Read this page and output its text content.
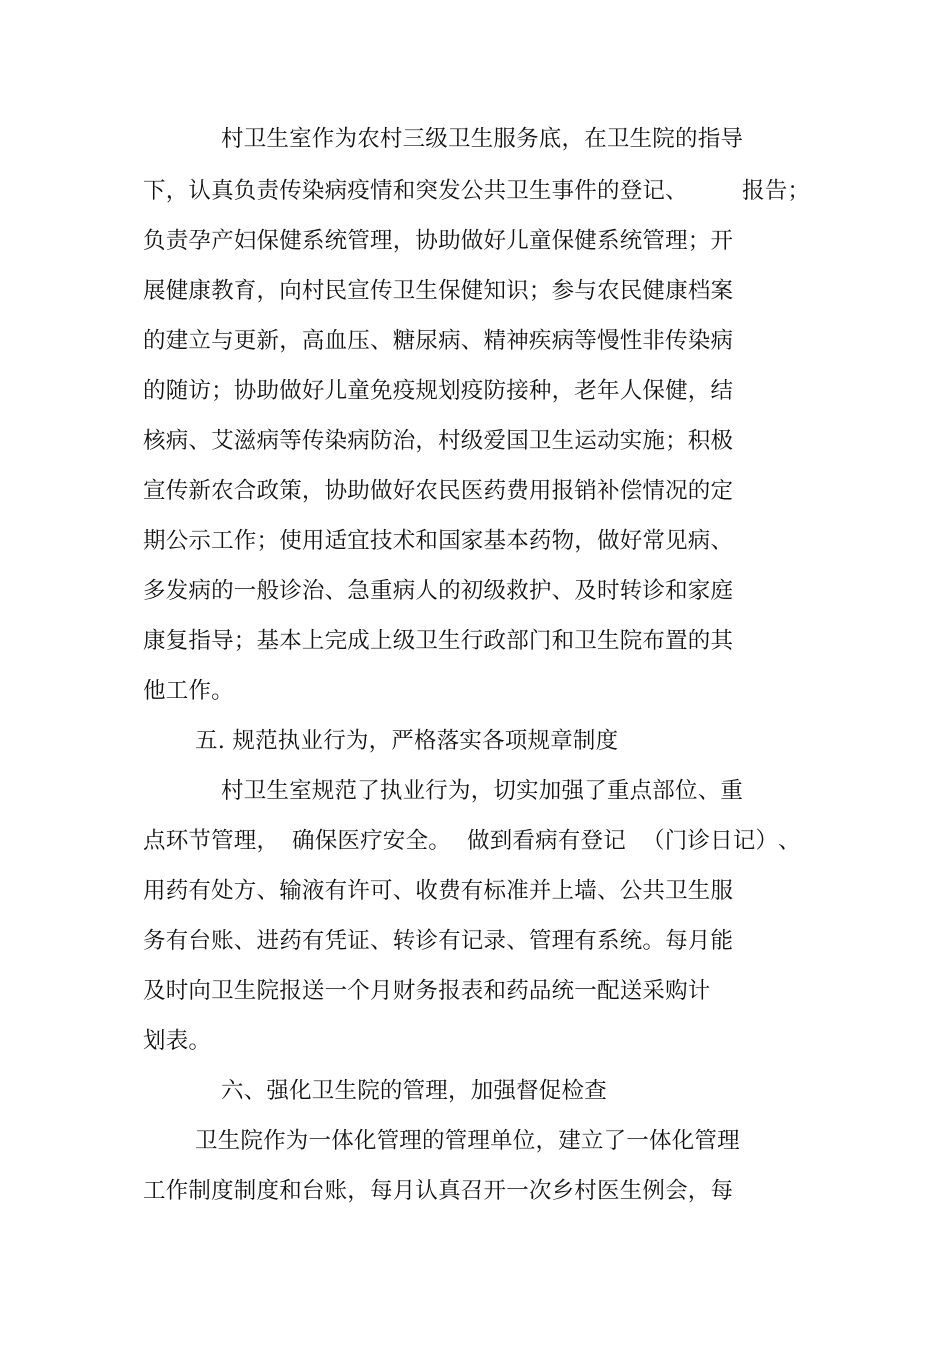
村卫生室作为农村三级卫生服务底，在卫生院的指导
下，认真负责传染病疫情和突发公共卫生事件的登记、 报告；
负责孕产妇保健系统管理，协助做好儿童保健系统管理；开
展健康教育，向村民宣传卫生保健知识；参与农民健康档案
的建立与更新，高血压、糖尿病、精神疾病等慢性非传染病
的随访；协助做好儿童免疫规划疫防接种，老年人保健，结
核病、艾滋病等传染病防治，村级爱国卫生运动实施；积极
宣传新农合政策，协助做好农民医药费用报销补偿情况的定
期公示工作；使用适宜技术和国家基本药物，做好常见病、
多发病的一般诊治、急重病人的初级救护、及时转诊和家庭
康复指导；基本上完成上级卫生行政部门和卫生院布置的其
他工作。
五. 规范执业行为，严格落实各项规章制度
村卫生室规范了执业行为，切实加强了重点部位、重
点环节管理， 确保医疗安全。 做到看病有登记 （门诊日记） 、
用药有处方、输液有许可、收费有标准并上墙、公共卫生服
务有台账、进药有凭证、转诊有记录、管理有系统。每月能
及时向卫生院报送一个月财务报表和药品统一配送采购计
划表。
六、强化卫生院的管理，加强督促检查
卫生院作为一体化管理的管理单位，建立了一体化管理
工作制度制度和台账，每月认真召开一次乡村医生例会，每
